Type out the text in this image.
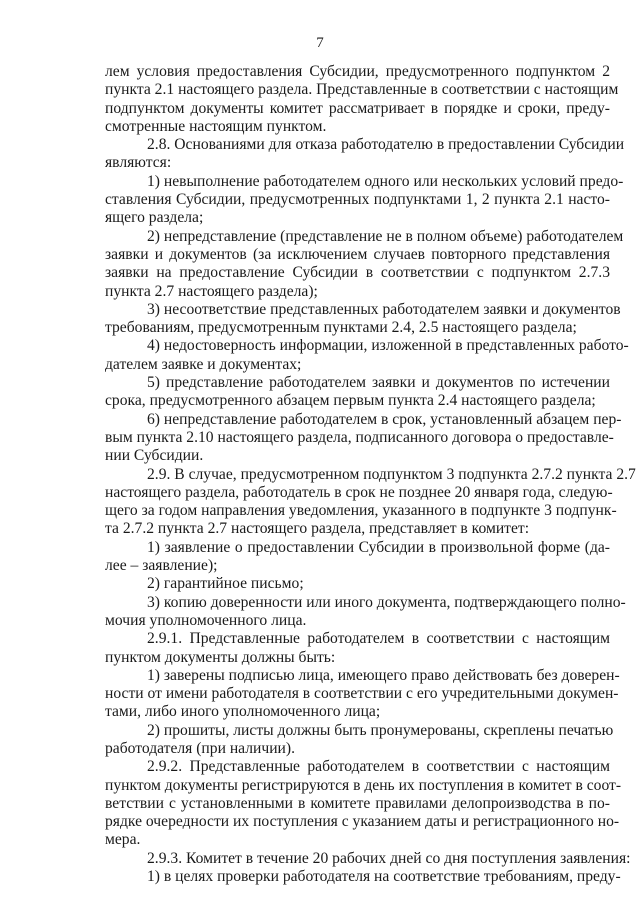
7
лем условия предоставления Субсидии, предусмотренного подпунктом 2
пункта 2.1 настоящего раздела. Представленные в соответствии с настоящим
подпунктом документы комитет рассматривает в порядке и сроки, преду-
смотренные настоящим пунктом.
2.8. Основаниями для отказа работодателю в предоставлении Субсидии
являются:
1) невыполнение работодателем одного или нескольких условий предо-
ставления Субсидии, предусмотренных подпунктами 1, 2 пункта 2.1 насто-
ящего раздела;
2) непредставление (представление не в полном объеме) работодателем
заявки и документов (за исключением случаев повторного представления
заявки на предоставление Субсидии в соответствии с подпунктом 2.7.3
пункта 2.7 настоящего раздела);
3) несоответствие представленных работодателем заявки и документов
требованиям, предусмотренным пунктами 2.4, 2.5 настоящего раздела;
4) недостоверность информации, изложенной в представленных работо-
дателем заявке и документах;
5) представление работодателем заявки и документов по истечении
срока, предусмотренного абзацем первым пункта 2.4 настоящего раздела;
6) непредставление работодателем в срок, установленный абзацем пер-
вым пункта 2.10 настоящего раздела, подписанного договора о предоставле-
нии Субсидии.
2.9. В случае, предусмотренном подпунктом 3 подпункта 2.7.2 пункта 2.7
настоящего раздела, работодатель в срок не позднее 20 января года, следую-
щего за годом направления уведомления, указанного в подпункте 3 подпунк-
та 2.7.2 пункта 2.7 настоящего раздела, представляет в комитет:
1) заявление о предоставлении Субсидии в произвольной форме (да-
лее – заявление);
2) гарантийное письмо;
3) копию доверенности или иного документа, подтверждающего полно-
мочия уполномоченного лица.
2.9.1. Представленные работодателем в соответствии с настоящим
пунктом документы должны быть:
1) заверены подписью лица, имеющего право действовать без доверен-
ности от имени работодателя в соответствии с его учредительными докумен-
тами, либо иного уполномоченного лица;
2) прошиты, листы должны быть пронумерованы, скреплены печатью
работодателя (при наличии).
2.9.2. Представленные работодателем в соответствии с настоящим
пунктом документы регистрируются в день их поступления в комитет в соот-
ветствии с установленными в комитете правилами делопроизводства в по-
рядке очередности их поступления с указанием даты и регистрационного но-
мера.
2.9.3. Комитет в течение 20 рабочих дней со дня поступления заявления:
1) в целях проверки работодателя на соответствие требованиям, преду-
